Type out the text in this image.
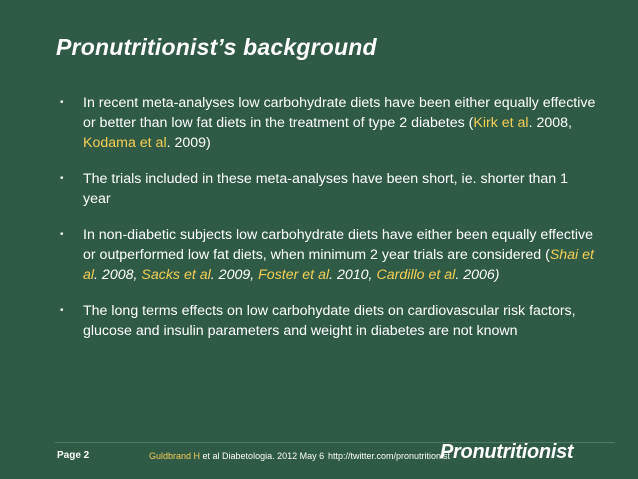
Pronutritionist’s background
• In recent meta-analyses low carbohydrate diets have been either equally effective or better than low fat diets in the treatment of type 2 diabetes (Kirk et al. 2008, Kodama et al. 2009)
• The trials included in these meta-analyses have been short, ie. shorter than 1 year
• In non-diabetic subjects low carbohydrate diets have either been equally effective or outperformed low fat diets, when minimum 2 year trials are considered (Shai et al. 2008, Sacks et al. 2009, Foster et al. 2010, Cardillo et al. 2006)
• The long terms effects on low carbohydate diets on cardiovascular risk factors, glucose and insulin parameters and weight in diabetes are not known
Page 2	Guldbrand H et al Diabetologia. 2012 May 6 http://twitter.com/pronutritionist
Pronutritionist
